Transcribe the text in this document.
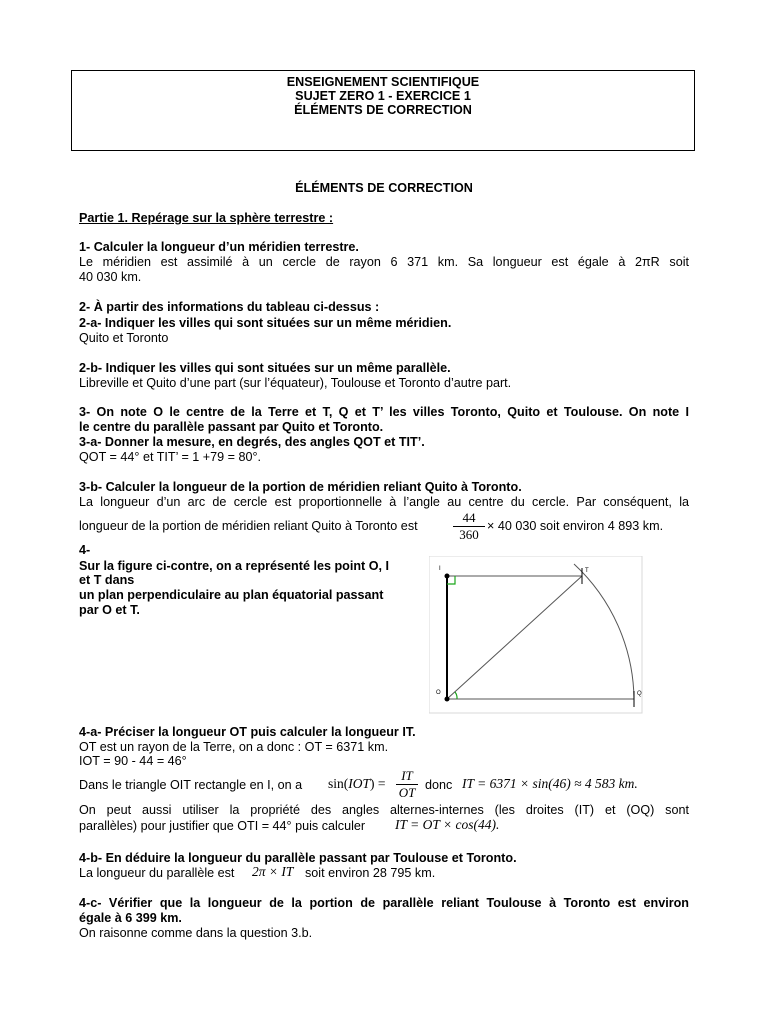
ENSEIGNEMENT SCIENTIFIQUE
SUJET ZERO 1 - EXERCICE 1
ÉLÉMENTS DE CORRECTION
ÉLÉMENTS DE CORRECTION
Partie 1. Repérage sur la sphère terrestre :
1- Calculer la longueur d’un méridien terrestre.
Le méridien est assimilé à un cercle de rayon 6 371 km. Sa longueur est égale à 2πR soit
40 030 km.
2- À partir des informations du tableau ci-dessus :
2-a- Indiquer les villes qui sont situées sur un même méridien.
Quito et Toronto
2-b- Indiquer les villes qui sont situées sur un même parallèle.
Libreville et Quito d’une part (sur l’équateur), Toulouse et Toronto d’autre part.
3- On note O le centre de la Terre et T, Q et T’ les villes Toronto, Quito et Toulouse. On note I
le centre du parallèle passant par Quito et Toronto.
3-a- Donner la mesure, en degrés, des angles QOT et TIT’.
QOT = 44° et TIT’ = 1 +79 = 80°.
3-b- Calculer la longueur de la portion de méridien reliant Quito à Toronto.
La longueur d’un arc de cercle est proportionnelle à l’angle au centre du cercle. Par conséquent, la
longueur de la portion de méridien reliant Quito à Toronto est	$\frac{44}{360} \times 40$ 030 soit environ 4 893 km.
4-
Sur la figure ci-contre, on a représenté les point O, I
et T dans
un plan perpendiculaire au plan équatorial passant
par O et T.
I	T
O	Q
4-a- Préciser la longueur OT puis calculer la longueur IT.
OT est un rayon de la Terre, on a donc : OT = 6371 km.
IOT = 90 - 44 = 46°
Dans le triangle OIT rectangle en I, on a $\sin(IOT) = \frac{IT}{OT}$ donc IT = 6371 × sin(46) ≈ 4 583 km.
On peut aussi utiliser la propriété des angles alternes-internes (les droites (IT) et (OQ) sont
parallèles) pour justifier que OTI = 44° puis calculer IT = OT × cos(44).
4-b- En déduire la longueur du parallèle passant par Toulouse et Toronto.
La longueur du parallèle est 2π × IT soit environ 28 795 km.
4-c- Vérifier que la longueur de la portion de parallèle reliant Toulouse à Toronto est environ
égale à 6 399 km.
On raisonne comme dans la question 3.b.
